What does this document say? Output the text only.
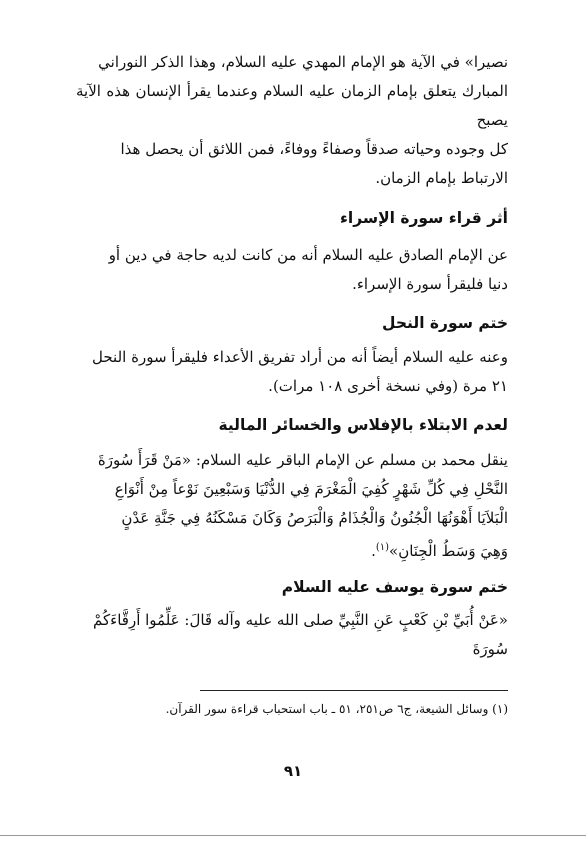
نصيرا» في الآية هو الإمام المهدي عليه السلام، وهذا الذكر النوراني

المبارك يتعلق بإمام الزمان عليه السلام وعندما يقرأ الإنسان هذه الآية يصبح

كل وجوده وحياته صدقاً وصفاءً ووفاءً، فمن اللائق أن يحصل هذا

الارتباط بإمام الزمان.

أثر قراء سورة الإسراء

عن الإمام الصادق عليه السلام أنه من كانت لديه حاجة في دين أو

دنيا فليقرأ سورة الإسراء.

ختم سورة النحل

وعنه عليه السلام أيضاً أنه من أراد تفريق الأعداء فليقرأ سورة النحل

٢١ مرة (وفي نسخة أخرى ١٠٨ مرات).

لعدم الابتلاء بالإفلاس والخسائر المالية

ينقل محمد بن مسلم عن الإمام الباقر عليه السلام: «مَنْ قَرَأَ سُورَةَ

النَّحْلِ فِي كُلِّ شَهْرٍ كُفِيَ الْمَغْرَمَ فِي الدُّنْيَا وَسَبْعِينَ نَوْعاً مِنْ أَنْوَاعِ

الْبَلاَيَا أَهْوَنُهَا الْجُنُونُ وَالْجُذَامُ وَالْبَرَصُ وَكَانَ مَسْكَنُهُ فِي جَنَّةِ عَدْنٍ

وَهِيَ وَسَطُ الْجِنَانِ»$^{(١)}$.

ختم سورة يوسف عليه السلام

«عَنْ أُبَيِّ بْنِ كَعْبٍ عَنِ النَّبِيِّ صلى الله عليه وآله قَالَ: عَلِّمُوا أَرِقَّاءَكُمْ سُورَةَ

(١) وسائل الشيعة، ج٦ ص٢٥١، ٥١ ـ باب استحباب قراءة سور القرآن.
٩١
